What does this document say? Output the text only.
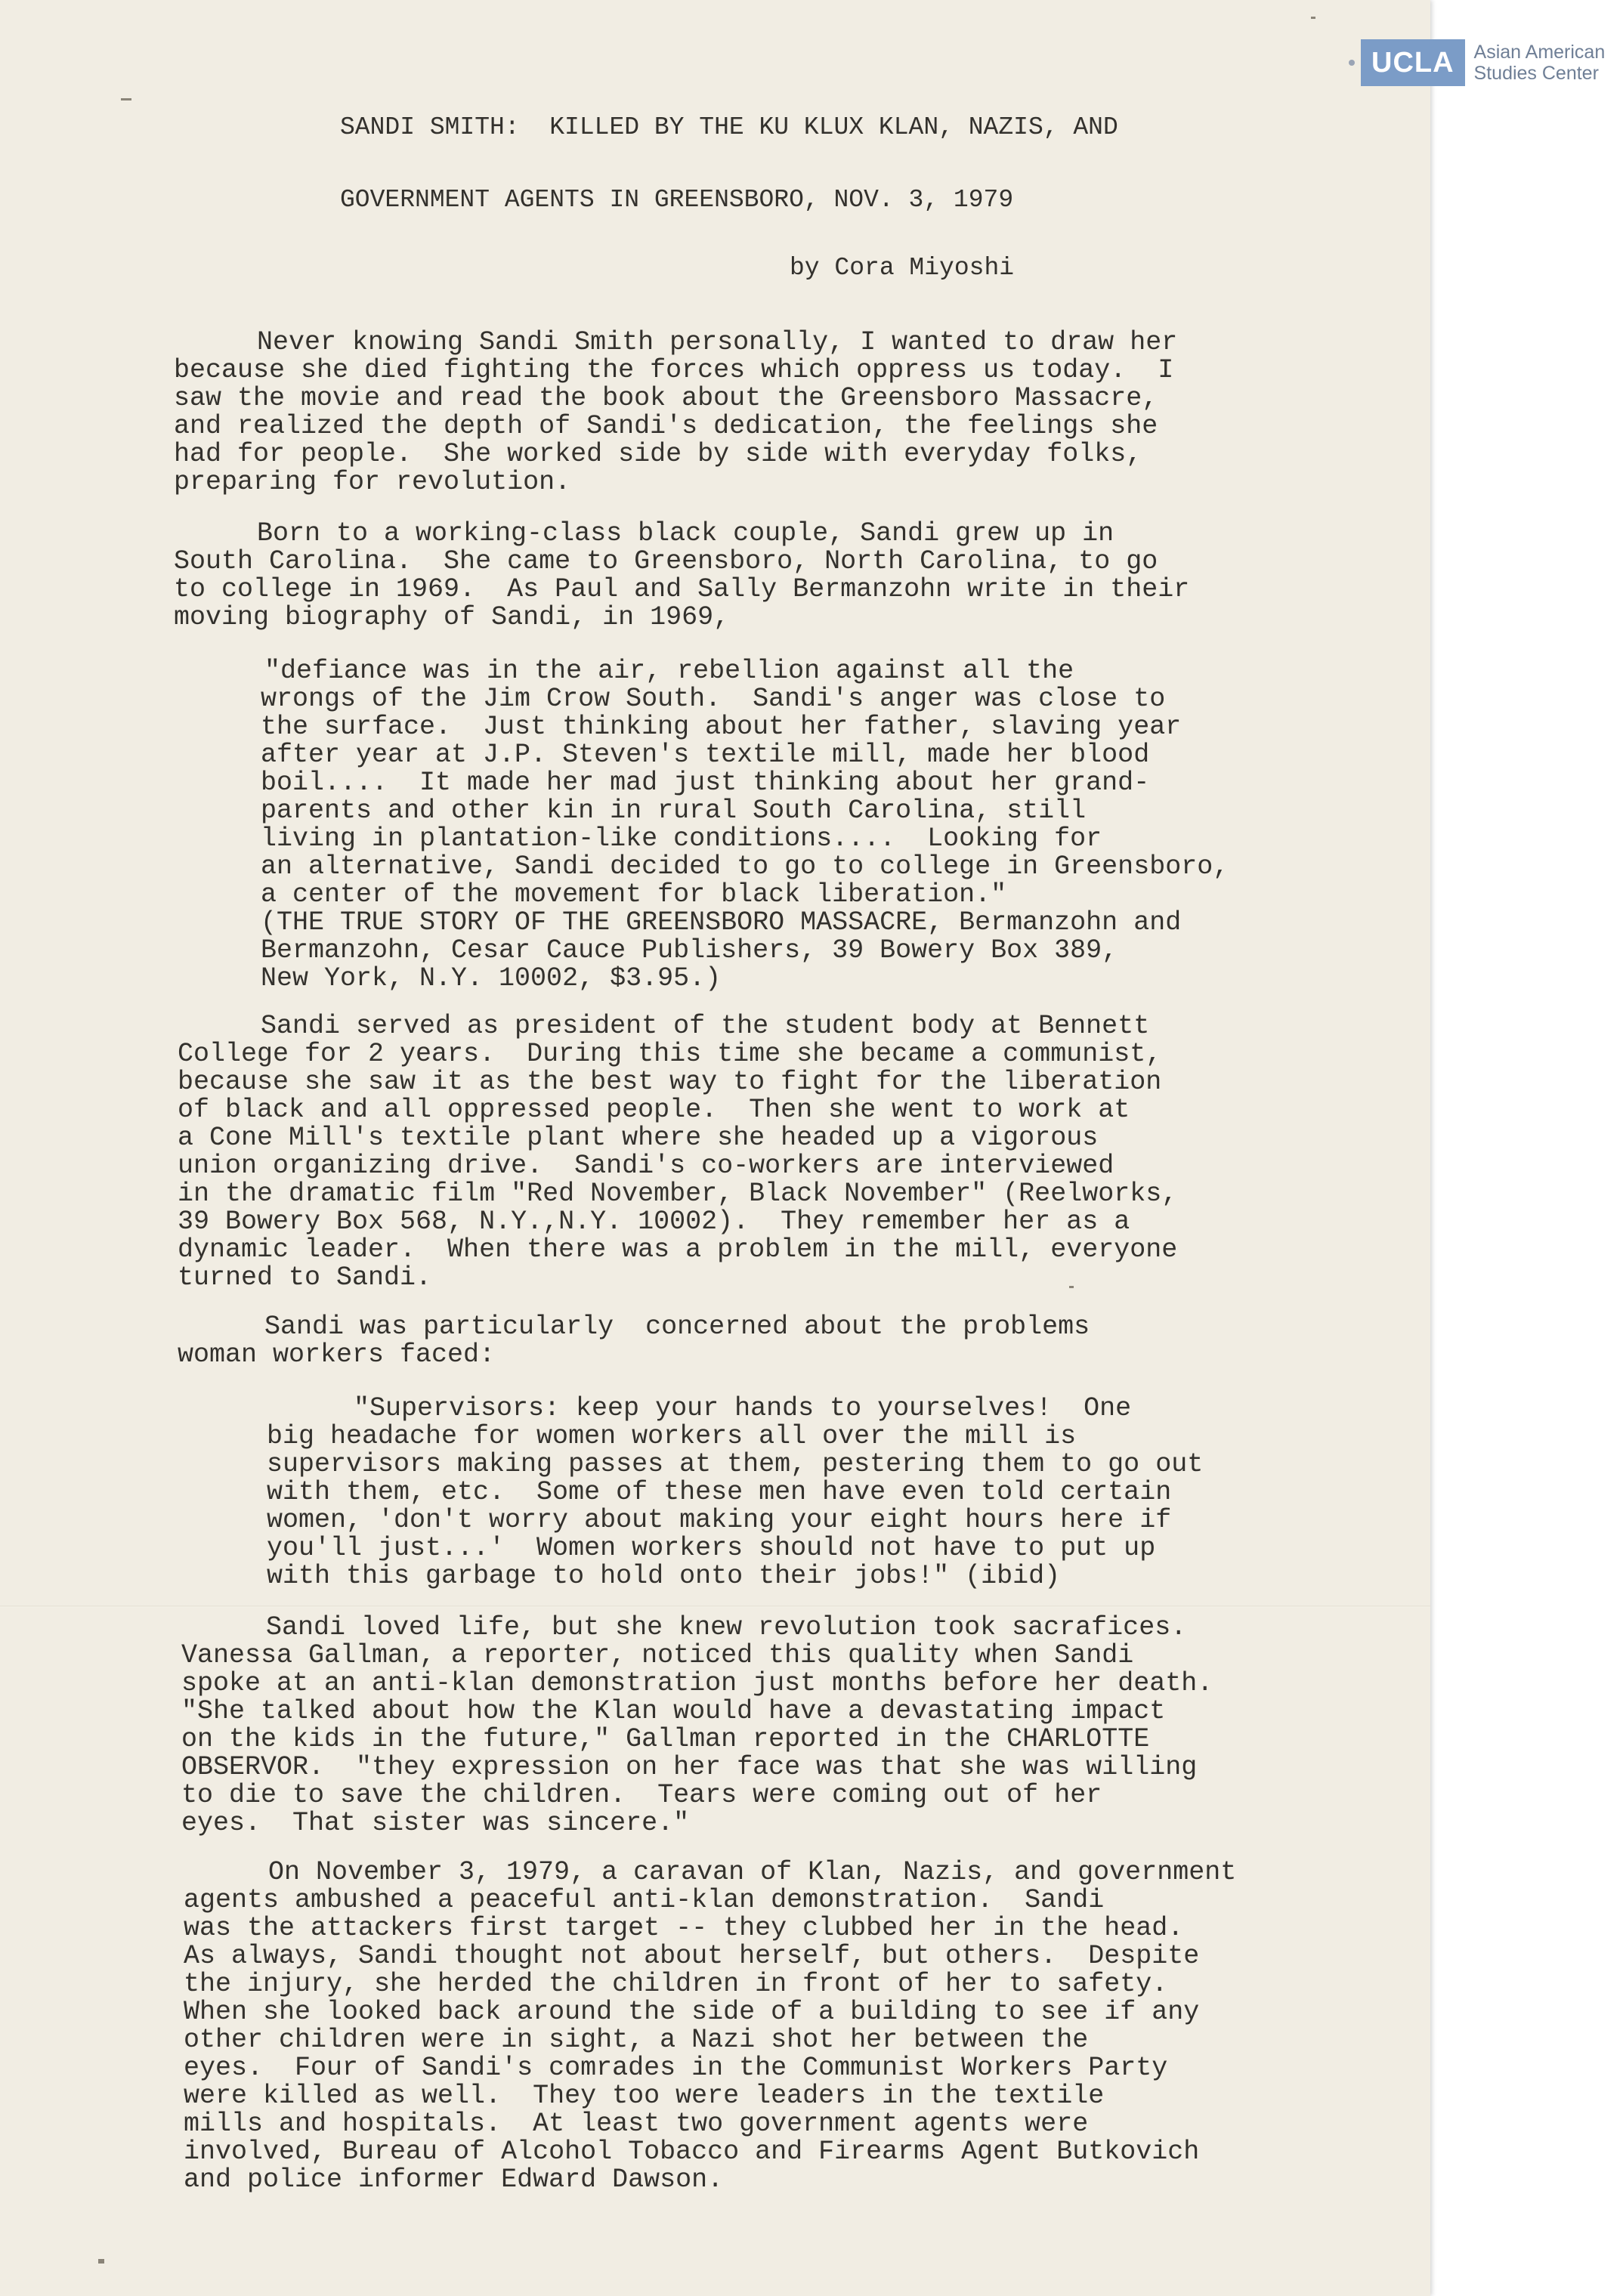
SANDI SMITH:  KILLED BY THE KU KLUX KLAN, NAZIS, AND
GOVERNMENT AGENTS IN GREENSBORO, NOV. 3, 1979
by Cora Miyoshi

Never knowing Sandi Smith personally, I wanted to draw her

because she died fighting the forces which oppress us today.  I

saw the movie and read the book about the Greensboro Massacre,

and realized the depth of Sandi's dedication, the feelings she

had for people.  She worked side by side with everyday folks,

preparing for revolution.

Born to a working-class black couple, Sandi grew up in

South Carolina.  She came to Greensboro, North Carolina, to go

to college in 1969.  As Paul and Sally Bermanzohn write in their

moving biography of Sandi, in 1969,

"defiance was in the air, rebellion against all the

wrongs of the Jim Crow South.  Sandi's anger was close to

the surface.  Just thinking about her father, slaving year

after year at J.P. Steven's textile mill, made her blood

boil....  It made her mad just thinking about her grand-

parents and other kin in rural South Carolina, still

living in plantation-like conditions....  Looking for

an alternative, Sandi decided to go to college in Greensboro,

a center of the movement for black liberation."

(THE TRUE STORY OF THE GREENSBORO MASSACRE, Bermanzohn and

Bermanzohn, Cesar Cauce Publishers, 39 Bowery Box 389,

New York, N.Y. 10002, $3.95.)

Sandi served as president of the student body at Bennett

College for 2 years.  During this time she became a communist,

because she saw it as the best way to fight for the liberation

of black and all oppressed people.  Then she went to work at

a Cone Mill's textile plant where she headed up a vigorous

union organizing drive.  Sandi's co-workers are interviewed

in the dramatic film "Red November, Black November" (Reelworks,

39 Bowery Box 568, N.Y.,N.Y. 10002).  They remember her as a

dynamic leader.  When there was a problem in the mill, everyone

turned to Sandi.

Sandi was particularly  concerned about the problems

woman workers faced:

"Supervisors: keep your hands to yourselves!  One

big headache for women workers all over the mill is

supervisors making passes at them, pestering them to go out

with them, etc.  Some of these men have even told certain

women, 'don't worry about making your eight hours here if

you'll just...'  Women workers should not have to put up

with this garbage to hold onto their jobs!" (ibid)

Sandi loved life, but she knew revolution took sacrafices.

Vanessa Gallman, a reporter, noticed this quality when Sandi

spoke at an anti-klan demonstration just months before her death.

"She talked about how the Klan would have a devastating impact

on the kids in the future," Gallman reported in the CHARLOTTE

OBSERVOR.  "they expression on her face was that she was willing

to die to save the children.  Tears were coming out of her

eyes.  That sister was sincere."

On November 3, 1979, a caravan of Klan, Nazis, and government

agents ambushed a peaceful anti-klan demonstration.  Sandi

was the attackers first target -- they clubbed her in the head.

As always, Sandi thought not about herself, but others.  Despite

the injury, she herded the children in front of her to safety.

When she looked back around the side of a building to see if any

other children were in sight, a Nazi shot her between the

eyes.  Four of Sandi's comrades in the Communist Workers Party

were killed as well.  They too were leaders in the textile

mills and hospitals.  At least two government agents were

involved, Bureau of Alcohol Tobacco and Firearms Agent Butkovich

and police informer Edward Dawson.

UCLA	Asian American
Studies Center
